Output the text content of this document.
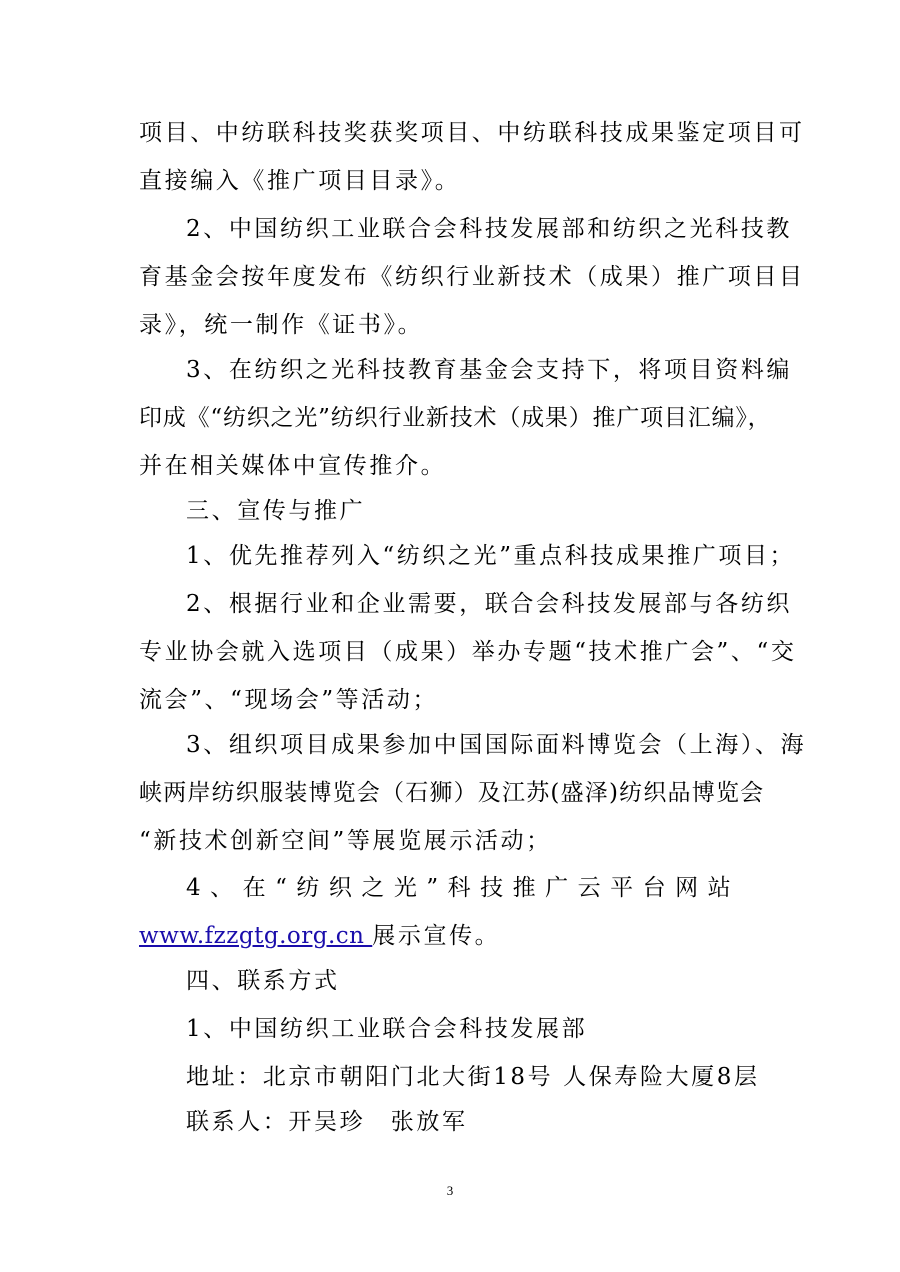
项目、中纺联科技奖获奖项目、中纺联科技成果鉴定项目可
直接编入《推广项目目录》。
2、中国纺织工业联合会科技发展部和纺织之光科技教
育基金会按年度发布《纺织行业新技术（成果）推广项目目
录》，统一制作《证书》。
3、在纺织之光科技教育基金会支持下，将项目资料编
印成《“纺织之光”纺织行业新技术（成果）推广项目汇编》，
并在相关媒体中宣传推介。
三、宣传与推广
1、优先推荐列入“纺织之光”重点科技成果推广项目；
2、根据行业和企业需要，联合会科技发展部与各纺织
专业协会就入选项目（成果）举办专题“技术推广会”、“交
流会”、“现场会”等活动；
3、组织项目成果参加中国国际面料博览会（上海）、海
峡两岸纺织服装博览会（石狮）及江苏(盛泽)纺织品博览会
“新技术创新空间”等展览展示活动；
4、在“纺织之光”科技推广云平台网站
www.fzzgtg.org.cn 展示宣传。
四、联系方式
1、中国纺织工业联合会科技发展部
地址：北京市朝阳门北大街18号 人保寿险大厦8层
联系人：开吴珍　张放军
3
